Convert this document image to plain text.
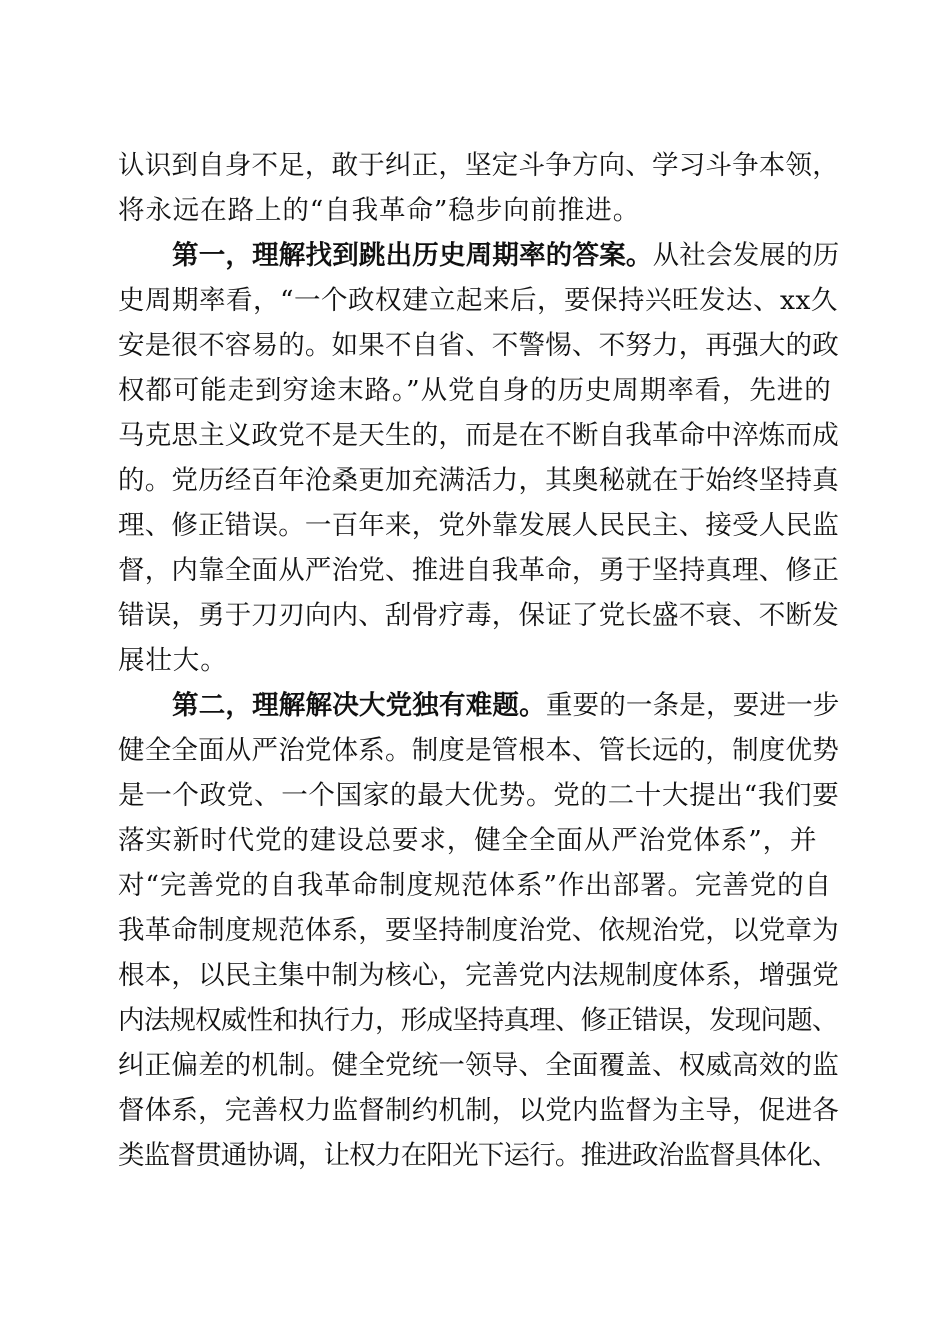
认识到自身不足，敢于纠正，坚定斗争方向、学习斗争本领，

将永远在路上的“自我革命”稳步向前推进。

第一，理解找到跳出历史周期率的答案。从社会发展的历

史周期率看，“一个政权建立起来后，要保持兴旺发达、xx久

安是很不容易的。如果不自省、不警惕、不努力，再强大的政

权都可能走到穷途末路。”从党自身的历史周期率看，先进的

马克思主义政党不是天生的，而是在不断自我革命中淬炼而成

的。党历经百年沧桑更加充满活力，其奥秘就在于始终坚持真

理、修正错误。一百年来，党外靠发展人民民主、接受人民监

督，内靠全面从严治党、推进自我革命，勇于坚持真理、修正

错误，勇于刀刃向内、刮骨疗毒，保证了党长盛不衰、不断发

展壮大。

第二，理解解决大党独有难题。重要的一条是，要进一步

健全全面从严治党体系。制度是管根本、管长远的，制度优势

是一个政党、一个国家的最大优势。党的二十大提出“我们要

落实新时代党的建设总要求，健全全面从严治党体系”，并

对“完善党的自我革命制度规范体系”作出部署。完善党的自

我革命制度规范体系，要坚持制度治党、依规治党，以党章为

根本，以民主集中制为核心，完善党内法规制度体系，增强党

内法规权威性和执行力，形成坚持真理、修正错误，发现问题、

纠正偏差的机制。健全党统一领导、全面覆盖、权威高效的监

督体系，完善权力监督制约机制，以党内监督为主导，促进各

类监督贯通协调，让权力在阳光下运行。推进政治监督具体化、
